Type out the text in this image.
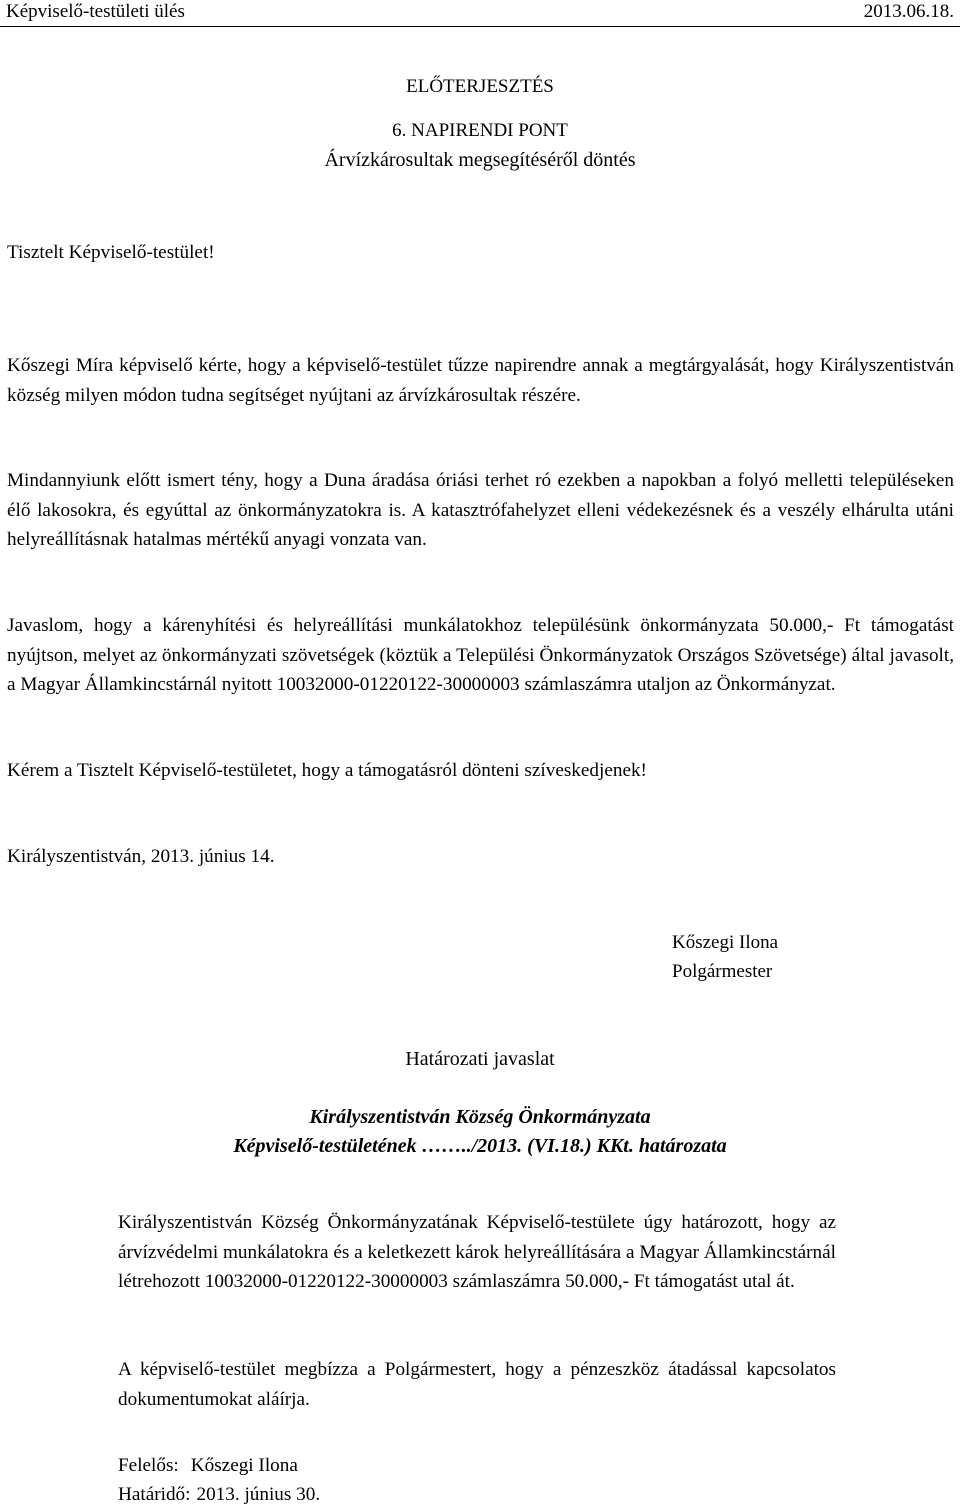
Képviselő-testületi ülés	2013.06.18.
ELŐTERJESZTÉS
6. NAPIRENDI PONT
Árvízkárosultak megsegítéséről döntés
Tisztelt Képviselő-testület!
Kőszegi Míra képviselő kérte, hogy a képviselő-testület tűzze napirendre annak a megtárgyalását, hogy Királyszentistván község milyen módon tudna segítséget nyújtani az árvízkárosultak részére.
Mindannyiunk előtt ismert tény, hogy a Duna áradása óriási terhet ró ezekben a napokban a folyó melletti településeken élő lakosokra, és egyúttal az önkormányzatokra is. A katasztrófahelyzet elleni védekezésnek és a veszély elhárulta utáni helyreállításnak hatalmas mértékű anyagi vonzata van.
Javaslom, hogy a kárenyhítési és helyreállítási munkálatokhoz településünk önkormányzata 50.000,- Ft támogatást nyújtson, melyet az önkormányzati szövetségek (köztük a Települési Önkormányzatok Országos Szövetsége) által javasolt, a Magyar Államkincstárnál nyitott 10032000-01220122-30000003 számlaszámra utaljon az Önkormányzat.
Kérem a Tisztelt Képviselő-testületet, hogy a támogatásról dönteni szíveskedjenek!
Királyszentistván, 2013. június 14.
Kőszegi Ilona
Polgármester
Határozati javaslat
Királyszentistván Község Önkormányzata
Képviselő-testületének ……../2013. (VI.18.) KKt. határozata
Királyszentistván Község Önkormányzatának Képviselő-testülete úgy határozott, hogy az árvízvédelmi munkálatokra és a keletkezett károk helyreállítására a Magyar Államkincstárnál létrehozott 10032000-01220122-30000003 számlaszámra 50.000,- Ft támogatást utal át.
A képviselő-testület megbízza a Polgármestert, hogy a pénzeszköz átadással kapcsolatos dokumentumokat aláírja.
Felelős: Kőszegi Ilona
Határidő: 2013. június 30.
